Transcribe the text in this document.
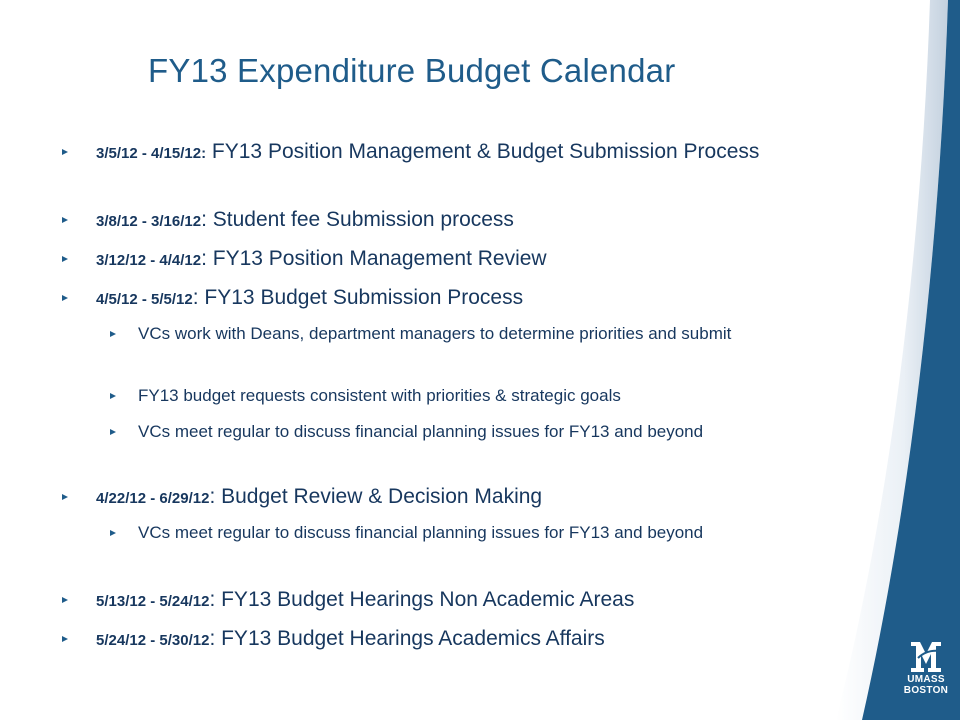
FY13 Expenditure Budget Calendar
3/5/12 - 4/15/12: FY13 Position Management & Budget Submission Process
3/8/12 - 3/16/12: Student fee Submission process
3/12/12 - 4/4/12: FY13 Position Management Review
4/5/12 - 5/5/12: FY13 Budget Submission Process
VCs work with Deans, department managers to determine priorities and submit
FY13 budget requests consistent with priorities & strategic goals
VCs meet regular to discuss financial planning issues for FY13 and beyond
4/22/12 - 6/29/12: Budget Review & Decision Making
VCs meet regular to discuss financial planning issues for FY13 and beyond
5/13/12 - 5/24/12: FY13 Budget Hearings Non Academic Areas
5/24/12 - 5/30/12: FY13 Budget Hearings Academics Affairs
UMASS
BOSTON
